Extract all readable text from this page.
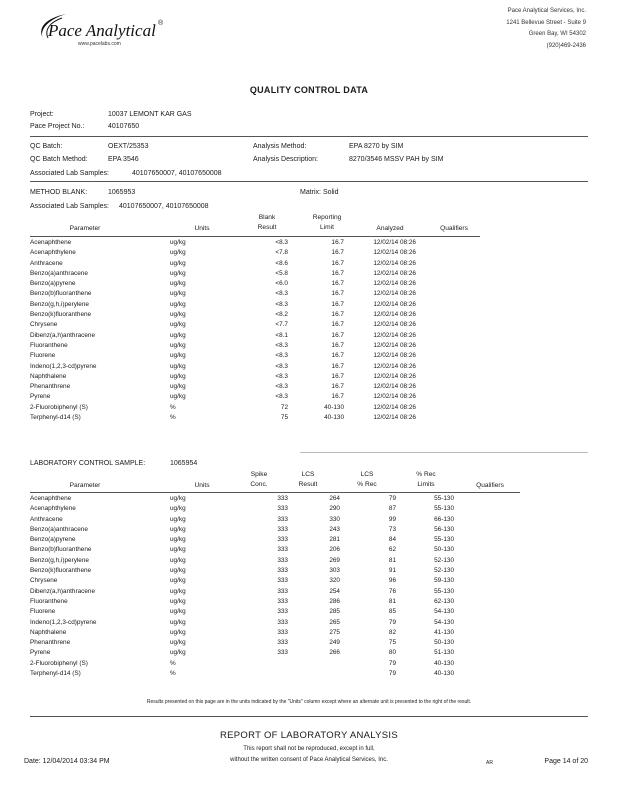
Pace Analytical ®
www.pacelabs.com
Pace Analytical Services, Inc.
1241 Bellevue Street - Suite 9
Green Bay, WI 54302
(920)469-2436
QUALITY CONTROL DATA
Project:	10037 LEMONT KAR GAS
Pace Project No.:	40107650
QC Batch:	OEXT/25353	Analysis Method:	EPA 8270 by SIM
QC Batch Method:	EPA 3546	Analysis Description:	8270/3546 MSSV PAH by SIM
Associated Lab Samples:	40107650007, 40107650008
METHOD BLANK:	1065953	Matrix: Solid
Associated Lab Samples: 40107650007, 40107650008
Parameter	Units
Blank
Result
Reporting
Limit	Analyzed	Qualifiers
Acenaphthene	ug/kg	<8.3	16.7	12/02/14 08:26
Acenaphthylene	ug/kg	<7.8	16.7	12/02/14 08:26
Anthracene	ug/kg	<8.6	16.7	12/02/14 08:26
Benzo(a)anthracene	ug/kg	<5.8	16.7	12/02/14 08:26
Benzo(a)pyrene	ug/kg	<6.0	16.7	12/02/14 08:26
Benzo(b)fluoranthene	ug/kg	<8.3	16.7	12/02/14 08:26
Benzo(g,h,i)perylene	ug/kg	<8.3	16.7	12/02/14 08:26
Benzo(k)fluoranthene	ug/kg	<8.2	16.7	12/02/14 08:26
Chrysene	ug/kg	<7.7	16.7	12/02/14 08:26
Dibenz(a,h)anthracene	ug/kg	<8.1	16.7	12/02/14 08:26
Fluoranthene	ug/kg	<8.3	16.7	12/02/14 08:26
Fluorene	ug/kg	<8.3	16.7	12/02/14 08:26
Indeno(1,2,3-cd)pyrene	ug/kg	<8.3	16.7	12/02/14 08:26
Naphthalene	ug/kg	<8.3	16.7	12/02/14 08:26
Phenanthrene	ug/kg	<8.3	16.7	12/02/14 08:26
Pyrene	ug/kg	<8.3	16.7	12/02/14 08:26
2-Fluorobiphenyl (S)	%	72	40-130	12/02/14 08:26
Terphenyl-d14 (S)	%	75	40-130	12/02/14 08:26
LABORATORY CONTROL SAMPLE:	1065954
Parameter	Units
Spike
Conc.
LCS
Result
LCS
% Rec
% Rec
Limits	Qualifiers
Acenaphthene	ug/kg	333	264	79	55-130
Acenaphthylene	ug/kg	333	290	87	55-130
Anthracene	ug/kg	333	330	99	66-130
Benzo(a)anthracene	ug/kg	333	243	73	56-130
Benzo(a)pyrene	ug/kg	333	281	84	55-130
Benzo(b)fluoranthene	ug/kg	333	206	62	50-130
Benzo(g,h,i)perylene	ug/kg	333	269	81	52-130
Benzo(k)fluoranthene	ug/kg	333	303	91	52-130
Chrysene	ug/kg	333	320	96	59-130
Dibenz(a,h)anthracene	ug/kg	333	254	76	55-130
Fluoranthene	ug/kg	333	286	81	62-130
Fluorene	ug/kg	333	285	85	54-130
Indeno(1,2,3-cd)pyrene	ug/kg	333	265	79	54-130
Naphthalene	ug/kg	333	275	82	41-130
Phenanthrene	ug/kg	333	249	75	50-130
Pyrene	ug/kg	333	266	80	51-130
2-Fluorobiphenyl (S)	%			79	40-130
Terphenyl-d14 (S)	%			79	40-130
Results presented on this page are in the units indicated by the "Units" column except where an alternate unit is presented to the right of the result.
REPORT OF LABORATORY ANALYSIS
This report shall not be reproduced, except in full,
without the written consent of Pace Analytical Services, Inc.
Date: 12/04/2014 03:34 PM	AR	Page 14 of 20
